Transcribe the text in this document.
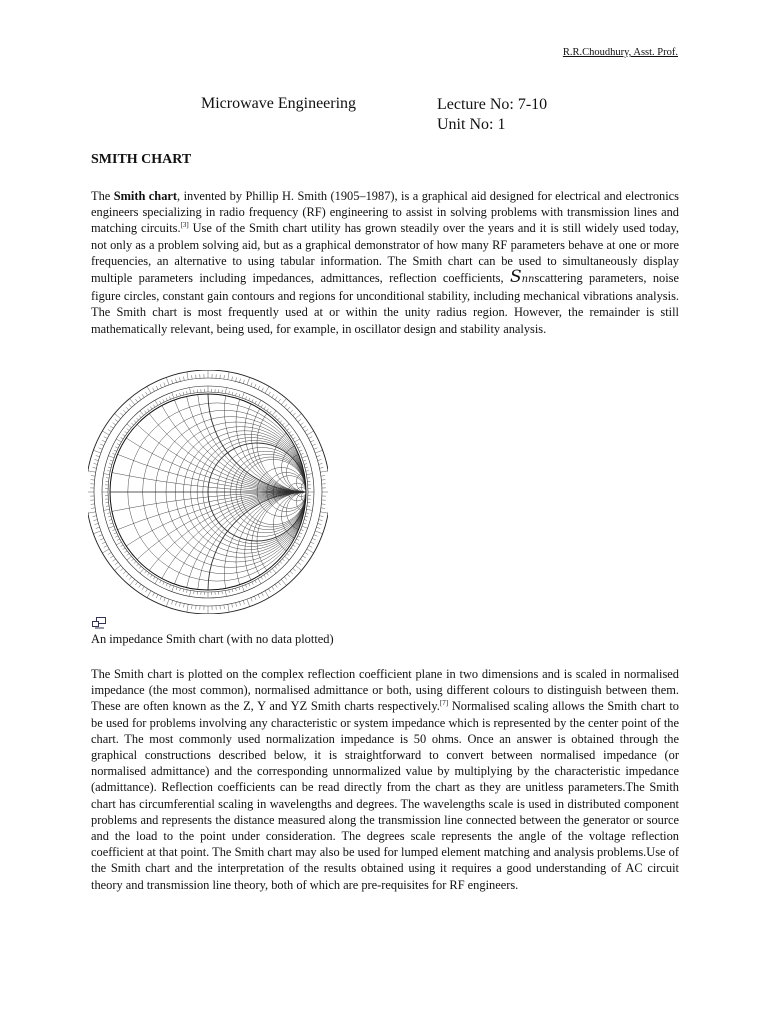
R.R.Choudhury, Asst. Prof.
Microwave Engineering	Lecture No: 7-10
Unit No: 1
SMITH CHART

The Smith chart, invented by Phillip H. Smith (1905–1987), is a graphical aid designed for electrical and electronics engineers specializing in radio frequency (RF) engineering to assist in solving problems with transmission lines and matching circuits.[3] Use of the Smith chart utility has grown steadily over the years and it is still widely used today, not only as a problem solving aid, but as a graphical demonstrator of how many RF parameters behave at one or more frequencies, an alternative to using tabular information. The Smith chart can be used to simultaneously display multiple parameters including impedances, admittances, reflection coefficients, Snnscattering parameters, noise figure circles, constant gain contours and regions for unconditional stability, including mechanical vibrations analysis. The Smith chart is most frequently used at or within the unity radius region. However, the remainder is still mathematically relevant, being used, for example, in oscillator design and stability analysis.

An impedance Smith chart (with no data plotted)

The Smith chart is plotted on the complex reflection coefficient plane in two dimensions and is scaled in normalised impedance (the most common), normalised admittance or both, using different colours to distinguish between them. These are often known as the Z, Y and YZ Smith charts respectively.[7] Normalised scaling allows the Smith chart to be used for problems involving any characteristic or system impedance which is represented by the center point of the chart. The most commonly used normalization impedance is 50 ohms. Once an answer is obtained through the graphical constructions described below, it is straightforward to convert between normalised impedance (or normalised admittance) and the corresponding unnormalized value by multiplying by the characteristic impedance (admittance). Reflection coefficients can be read directly from the chart as they are unitless parameters.The Smith chart has circumferential scaling in wavelengths and degrees. The wavelengths scale is used in distributed component problems and represents the distance measured along the transmission line connected between the generator or source and the load to the point under consideration. The degrees scale represents the angle of the voltage reflection coefficient at that point. The Smith chart may also be used for lumped element matching and analysis problems.Use of the Smith chart and the interpretation of the results obtained using it requires a good understanding of AC circuit theory and transmission line theory, both of which are pre-requisites for RF engineers.
